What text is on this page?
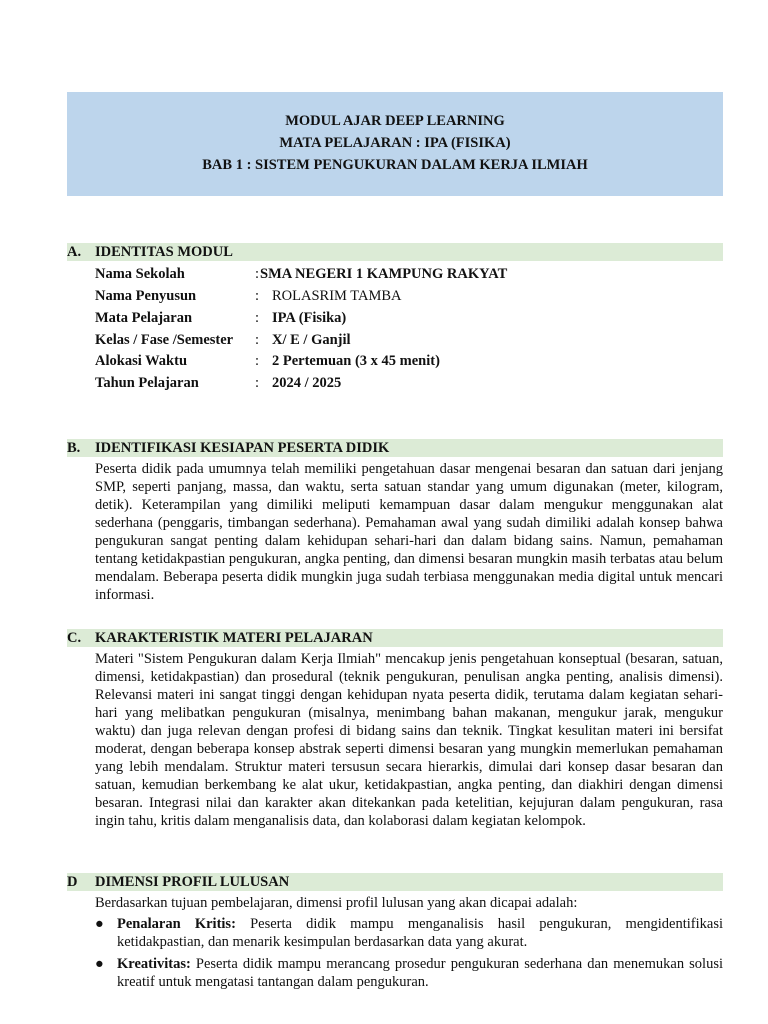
MODUL AJAR DEEP LEARNING
MATA PELAJARAN : IPA (FISIKA)
BAB 1 : SISTEM PENGUKURAN DALAM KERJA ILMIAH
A. IDENTITAS MODUL
Nama Sekolah	: SMA NEGERI 1 KAMPUNG RAKYAT
Nama Penyusun	: ROLASRIM TAMBA
Mata Pelajaran	: IPA (Fisika)
Kelas / Fase /Semester : X/ E / Ganjil
Alokasi Waktu	: 2 Pertemuan (3 x 45 menit)
Tahun Pelajaran	: 2024 / 2025
B. IDENTIFIKASI KESIAPAN PESERTA DIDIK

Peserta didik pada umumnya telah memiliki pengetahuan dasar mengenai besaran dan satuan dari jenjang SMP, seperti panjang, massa, dan waktu, serta satuan standar yang umum digunakan (meter, kilogram, detik). Keterampilan yang dimiliki meliputi kemampuan dasar dalam mengukur menggunakan alat sederhana (penggaris, timbangan sederhana). Pemahaman awal yang sudah dimiliki adalah konsep bahwa pengukuran sangat penting dalam kehidupan sehari-hari dan dalam bidang sains. Namun, pemahaman tentang ketidakpastian pengukuran, angka penting, dan dimensi besaran mungkin masih terbatas atau belum mendalam. Beberapa peserta didik mungkin juga sudah terbiasa menggunakan media digital untuk mencari informasi.

C. KARAKTERISTIK MATERI PELAJARAN

Materi "Sistem Pengukuran dalam Kerja Ilmiah" mencakup jenis pengetahuan konseptual (besaran, satuan, dimensi, ketidakpastian) dan prosedural (teknik pengukuran, penulisan angka penting, analisis dimensi). Relevansi materi ini sangat tinggi dengan kehidupan nyata peserta didik, terutama dalam kegiatan sehari-hari yang melibatkan pengukuran (misalnya, menimbang bahan makanan, mengukur jarak, mengukur waktu) dan juga relevan dengan profesi di bidang sains dan teknik. Tingkat kesulitan materi ini bersifat moderat, dengan beberapa konsep abstrak seperti dimensi besaran yang mungkin memerlukan pemahaman yang lebih mendalam. Struktur materi tersusun secara hierarkis, dimulai dari konsep dasar besaran dan satuan, kemudian berkembang ke alat ukur, ketidakpastian, angka penting, dan diakhiri dengan dimensi besaran. Integrasi nilai dan karakter akan ditekankan pada ketelitian, kejujuran dalam pengukuran, rasa ingin tahu, kritis dalam menganalisis data, dan kolaborasi dalam kegiatan kelompok.

D DIMENSI PROFIL LULUSAN

Berdasarkan tujuan pembelajaran, dimensi profil lulusan yang akan dicapai adalah:

● Penalaran Kritis: Peserta didik mampu menganalisis hasil pengukuran, mengidentifikasi ketidakpastian, dan menarik kesimpulan berdasarkan data yang akurat.
● Kreativitas: Peserta didik mampu merancang prosedur pengukuran sederhana dan menemukan solusi kreatif untuk mengatasi tantangan dalam pengukuran.
